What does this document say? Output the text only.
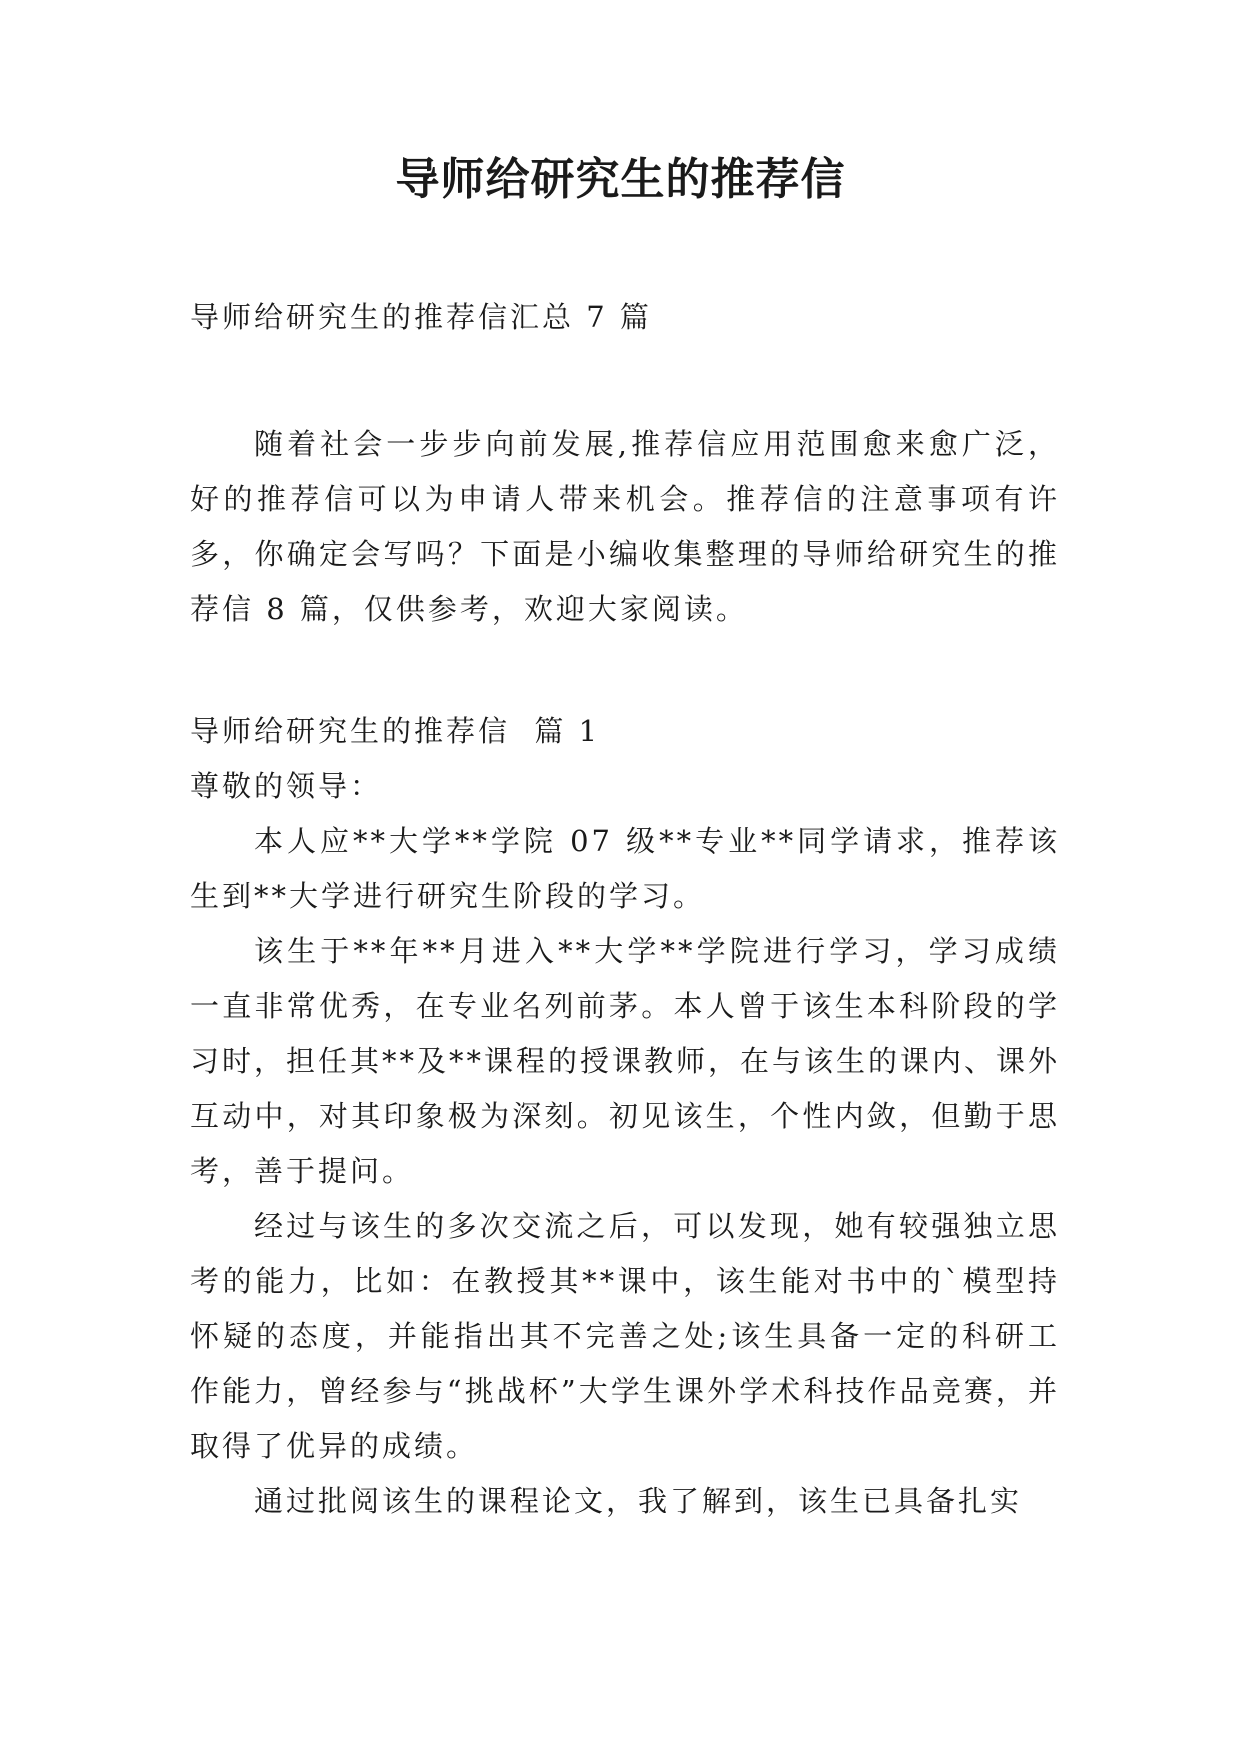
导师给研究生的推荐信

导师给研究生的推荐信汇总 7 篇

随着社会一步步向前发展,推荐信应用范围愈来愈广泛，好的推荐信可以为申请人带来机会。推荐信的注意事项有许多，你确定会写吗？下面是小编收集整理的导师给研究生的推荐信 8 篇，仅供参考，欢迎大家阅读。

导师给研究生的推荐信  篇 1

尊敬的领导：

本人应**大学**学院 07 级**专业**同学请求，推荐该生到**大学进行研究生阶段的学习。

该生于**年**月进入**大学**学院进行学习，学习成绩一直非常优秀，在专业名列前茅。本人曾于该生本科阶段的学习时，担任其**及**课程的授课教师，在与该生的课内、课外互动中，对其印象极为深刻。初见该生，个性内敛，但勤于思考，善于提问。

经过与该生的多次交流之后，可以发现，她有较强独立思考的能力，比如：在教授其**课中，该生能对书中的`模型持怀疑的态度，并能指出其不完善之处;该生具备一定的科研工作能力，曾经参与“挑战杯”大学生课外学术科技作品竞赛，并取得了优异的成绩。

通过批阅该生的课程论文，我了解到，该生已具备扎实
